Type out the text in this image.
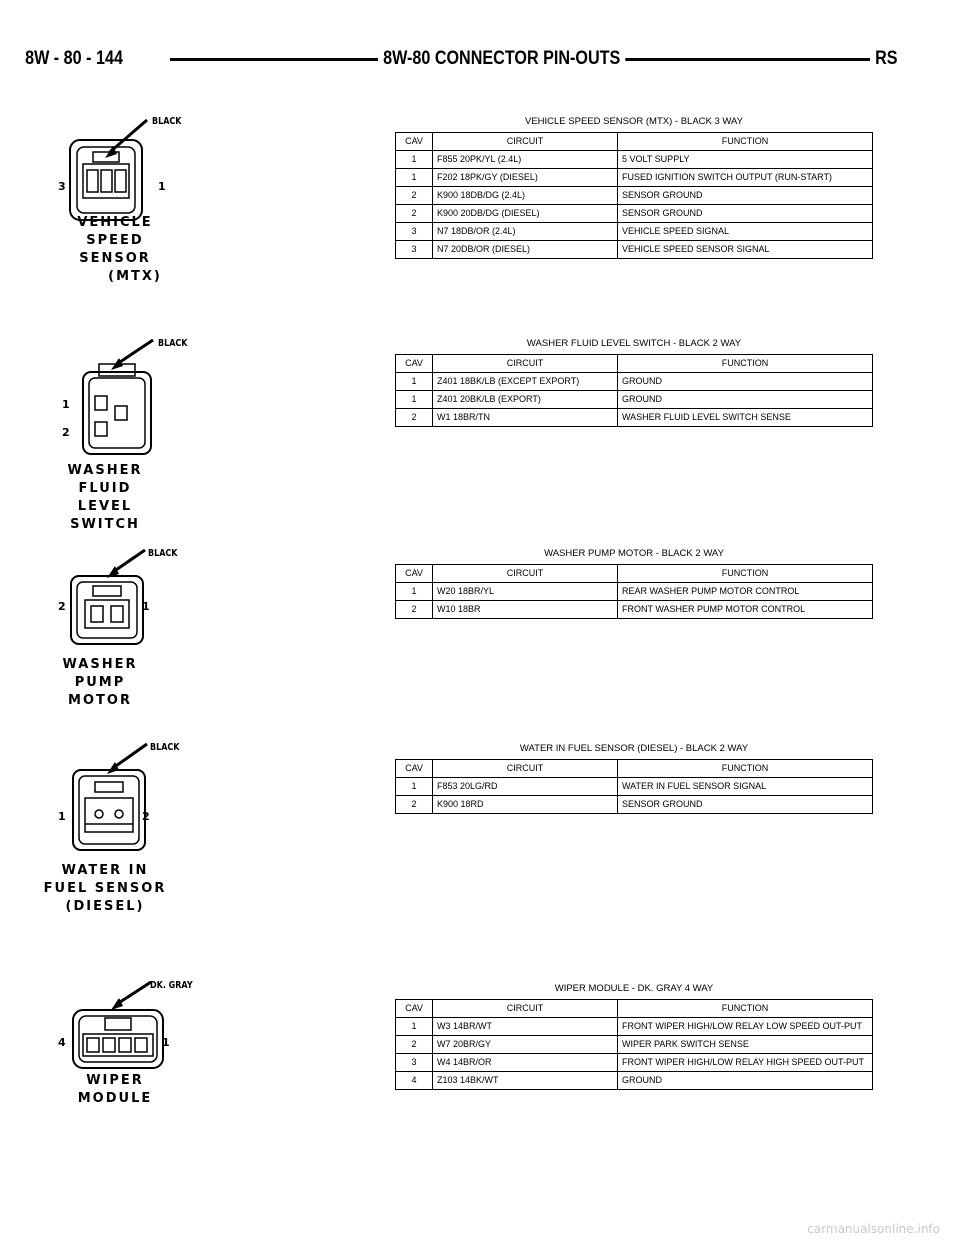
8W - 80 - 144	8W-80 CONNECTOR PIN-OUTS	RS
BLACK
3	1
VEHICLE
SPEED
SENSOR
(MTX)
VEHICLE SPEED SENSOR (MTX) - BLACK 3 WAY
CAV	CIRCUIT	FUNCTION
1	F855 20PK/YL (2.4L)	5 VOLT SUPPLY
1	F202 18PK/GY (DIESEL)	FUSED IGNITION SWITCH OUTPUT (RUN-START)
2	K900 18DB/DG (2.4L)	SENSOR GROUND
2	K900 20DB/DG (DIESEL)	SENSOR GROUND
3	N7 18DB/OR (2.4L)	VEHICLE SPEED SIGNAL
3	N7 20DB/OR (DIESEL)	VEHICLE SPEED SENSOR SIGNAL
BLACK
1
2
WASHER FLUID
LEVEL SWITCH
WASHER FLUID LEVEL SWITCH - BLACK 2 WAY
CAV	CIRCUIT	FUNCTION
1	Z401 18BK/LB (EXCEPT EXPORT)	GROUND
1	Z401 20BK/LB (EXPORT)	GROUND
2	W1 18BR/TN	WASHER FLUID LEVEL SWITCH SENSE
BLACK
2	1
WASHER
PUMP MOTOR
WASHER PUMP MOTOR - BLACK 2 WAY
CAV	CIRCUIT	FUNCTION
1	W20 18BR/YL	REAR WASHER PUMP MOTOR CONTROL
2	W10 18BR	FRONT WASHER PUMP MOTOR CONTROL
BLACK
1	2
WATER IN
FUEL SENSOR
(DIESEL)
WATER IN FUEL SENSOR (DIESEL) - BLACK 2 WAY
CAV	CIRCUIT	FUNCTION
1	F853 20LG/RD	WATER IN FUEL SENSOR SIGNAL
2	K900 18RD	SENSOR GROUND
DK. GRAY
4	1
WIPER
MODULE
WIPER MODULE - DK. GRAY 4 WAY
CAV	CIRCUIT	FUNCTION
1	W3 14BR/WT	FRONT WIPER HIGH/LOW RELAY LOW SPEED OUT-PUT
2	W7 20BR/GY	WIPER PARK SWITCH SENSE
3	W4 14BR/OR	FRONT WIPER HIGH/LOW RELAY HIGH SPEED OUT-PUT
4	Z103 14BK/WT	GROUND
carmanualsonline.info
